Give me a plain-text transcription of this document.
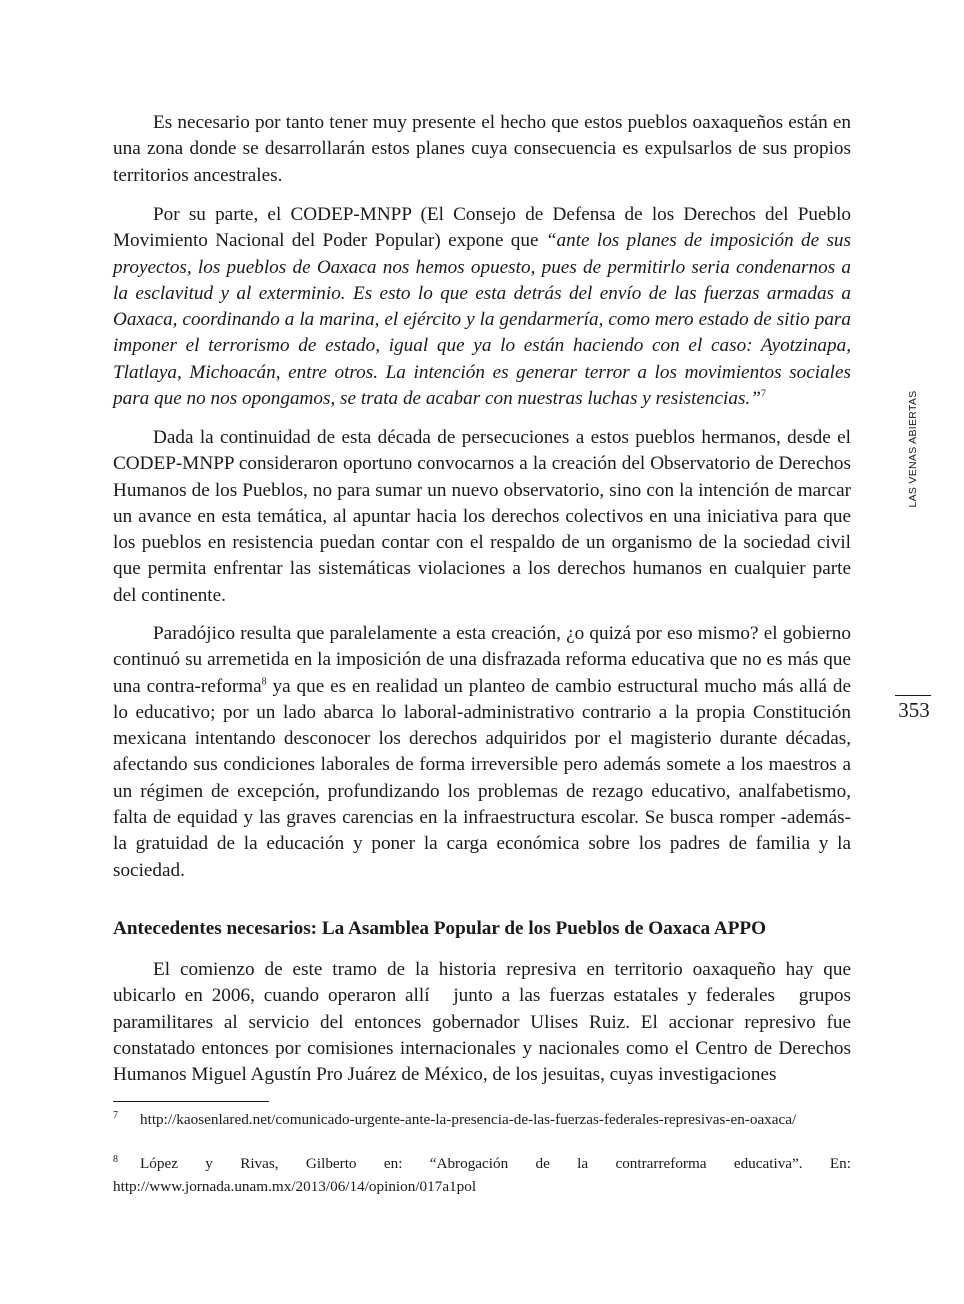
LAS VENAS ABIERTAS
353

Es necesario por tanto tener muy presente el hecho que estos pueblos oaxaqueños están en una zona donde se desarrollarán estos planes cuya consecuencia es expulsarlos de sus propios territorios ancestrales.

Por su parte, el CODEP-MNPP (El Consejo de Defensa de los Derechos del Pueblo Movimiento Nacional del Poder Popular) expone que “ante los planes de imposición de sus proyectos, los pueblos de Oaxaca nos hemos opuesto, pues de permitirlo seria condenarnos a la esclavitud y al exterminio. Es esto lo que esta detrás del envío de las fuerzas armadas a Oaxaca, coordinando a la marina, el ejército y la gendarmería, como mero estado de sitio para imponer el terrorismo de estado, igual que ya lo están haciendo con el caso: Ayotzinapa, Tlatlaya, Michoacán, entre otros. La intención es generar terror a los movimientos sociales para que no nos opongamos, se trata de acabar con nuestras luchas y resistencias.”$^7$

Dada la continuidad de esta década de persecuciones a estos pueblos hermanos, desde el CODEP-MNPP consideraron oportuno convocarnos a la creación del Observatorio de Derechos Humanos de los Pueblos, no para sumar un nuevo observatorio, sino con la intención de marcar un avance en esta temática, al apuntar hacia los derechos colectivos en una iniciativa para que los pueblos en resistencia puedan contar con el respaldo de un organismo de la sociedad civil que permita enfrentar las sistemáticas violaciones a los derechos humanos en cualquier parte del continente.

Paradójico resulta que paralelamente a esta creación, ¿o quizá por eso mismo? el gobierno continuó su arremetida en la imposición de una disfrazada reforma educativa que no es más que una contra-reforma$^8$ ya que es en realidad un planteo de cambio estructural mucho más allá de lo educativo; por un lado abarca lo laboral-administrativo contrario a la propia Constitución mexicana intentando desconocer los derechos adquiridos por el magisterio durante décadas, afectando sus condiciones laborales de forma irreversible pero además somete a los maestros a un régimen de excepción, profundizando los problemas de rezago educativo, analfabetismo, falta de equidad y las graves carencias en la infraestructura escolar. Se busca romper -además- la gratuidad de la educación y poner la carga económica sobre los padres de familia y la sociedad.

Antecedentes necesarios: La Asamblea Popular de los Pueblos de Oaxaca APPO

El comienzo de este tramo de la historia represiva en territorio oaxaqueño hay que ubicarlo en 2006, cuando operaron allí  junto a las fuerzas estatales y federales  grupos paramilitares al servicio del entonces gobernador Ulises Ruiz. El accionar represivo fue constatado entonces por comisiones internacionales y nacionales como el Centro de Derechos Humanos Miguel Agustín Pro Juárez de México, de los jesuitas, cuyas investigaciones

$^7$ http://kaosenlared.net/comunicado-urgente-ante-la-presencia-de-las-fuerzas-federales-represivas-en-oaxaca/

$^8$ López y Rivas, Gilberto en: “Abrogación de la contrarreforma educativa”. En: http://www.jornada.unam.mx/2013/06/14/opinion/017a1pol
